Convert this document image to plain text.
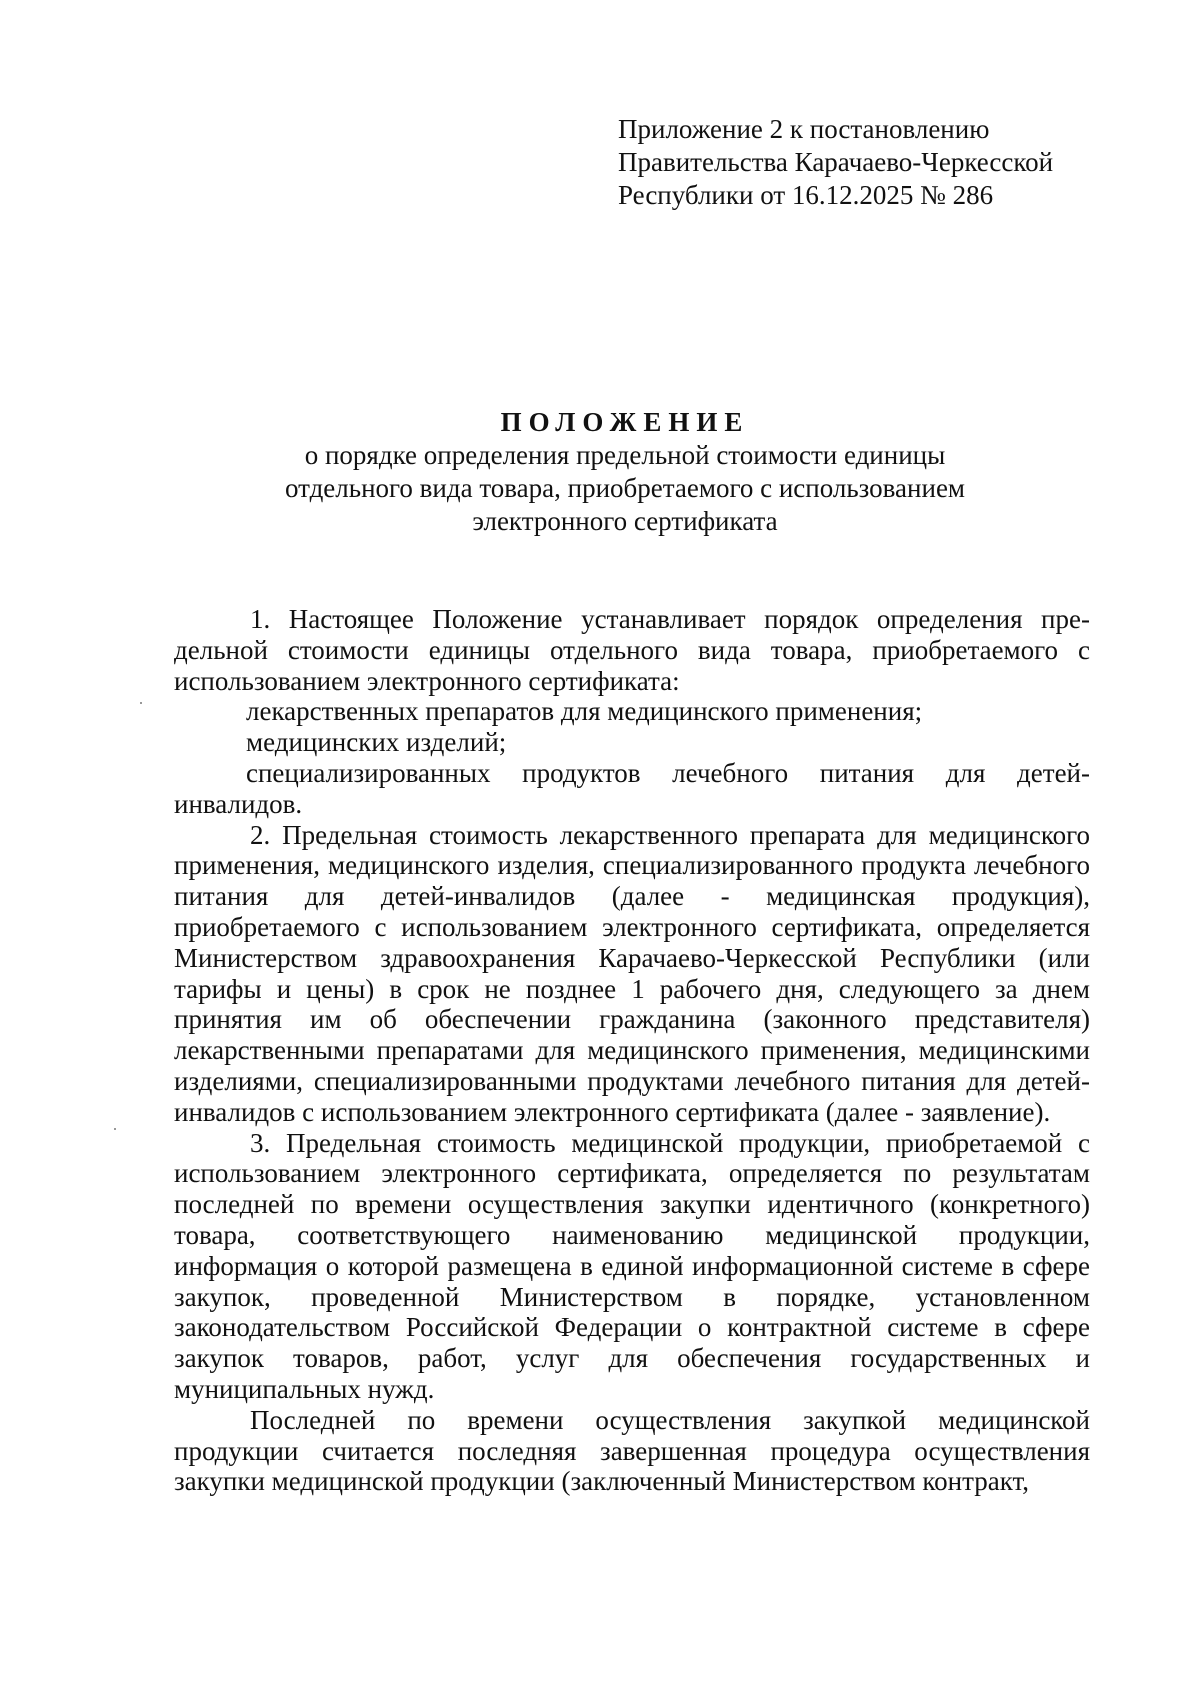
Приложение 2 к постановлению
Правительства Карачаево-Черкесской
Республики от 16.12.2025 № 286
ПОЛОЖЕНИЕ
о порядке определения предельной стоимости единицы
отдельного вида товара, приобретаемого с использованием
электронного сертификата

1. Настоящее Положение устанавливает порядок определения предельной стоимости единицы отдельного вида товара, приобретаемого с использованием электронного сертификата:

лекарственных препаратов для медицинского применения;

медицинских изделий;

специализированных продуктов лечебного питания для детей-инвалидов.

2. Предельная стоимость лекарственного препарата для медицинского применения, медицинского изделия, специализированного продукта лечебного питания для детей-инвалидов (далее - медицинская продукция), приобретаемого с использованием электронного сертификата, определяется Министерством здравоохранения Карачаево-Черкесской Республики (или тарифы и цены) в срок не позднее 1 рабочего дня, следующего за днем принятия им об обеспечении гражданина (законного представителя) лекарственными препаратами для медицинского применения, медицинскими изделиями, специализированными продуктами лечебного питания для детей-инвалидов с использованием электронного сертификата (далее - заявление).

3. Предельная стоимость медицинской продукции, приобретаемой с использованием электронного сертификата, определяется по результатам последней по времени осуществления закупки идентичного (конкретного) товара, соответствующего наименованию медицинской продукции, информация о которой размещена в единой информационной системе в сфере закупок, проведенной Министерством в порядке, установленном законодательством Российской Федерации о контрактной системе в сфере закупок товаров, работ, услуг для обеспечения государственных и муниципальных нужд.

Последней по времени осуществления закупкой медицинской продукции считается последняя завершенная процедура осуществления закупки медицинской продукции (заключенный Министерством контракт,
